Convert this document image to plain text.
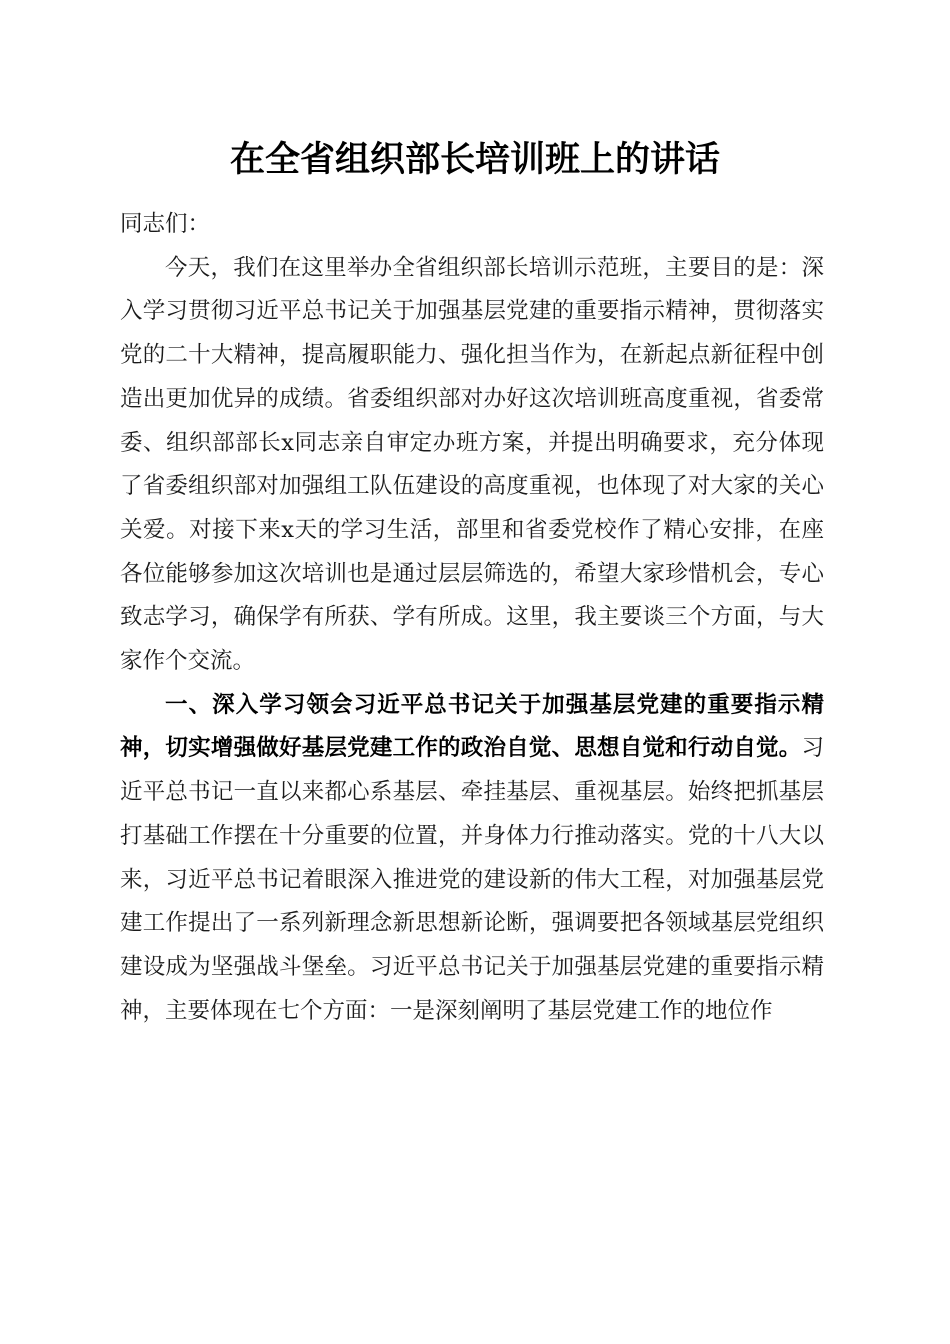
在全省组织部长培训班上的讲话

同志们：

今天，我们在这里举办全省组织部长培训示范班，主要目的是：深入学习贯彻习近平总书记关于加强基层党建的重要指示精神，贯彻落实党的二十大精神，提高履职能力、强化担当作为，在新起点新征程中创造出更加优异的成绩。省委组织部对办好这次培训班高度重视，省委常委、组织部部长x同志亲自审定办班方案，并提出明确要求，充分体现了省委组织部对加强组工队伍建设的高度重视，也体现了对大家的关心关爱。对接下来x天的学习生活，部里和省委党校作了精心安排，在座各位能够参加这次培训也是通过层层筛选的，希望大家珍惜机会，专心致志学习，确保学有所获、学有所成。这里，我主要谈三个方面，与大家作个交流。

一、深入学习领会习近平总书记关于加强基层党建的重要指示精神，切实增强做好基层党建工作的政治自觉、思想自觉和行动自觉。习近平总书记一直以来都心系基层、牵挂基层、重视基层。始终把抓基层打基础工作摆在十分重要的位置，并身体力行推动落实。党的十八大以来，习近平总书记着眼深入推进党的建设新的伟大工程，对加强基层党建工作提出了一系列新理念新思想新论断，强调要把各领域基层党组织建设成为坚强战斗堡垒。习近平总书记关于加强基层党建的重要指示精神，主要体现在七个方面：一是深刻阐明了基层党建工作的地位作
